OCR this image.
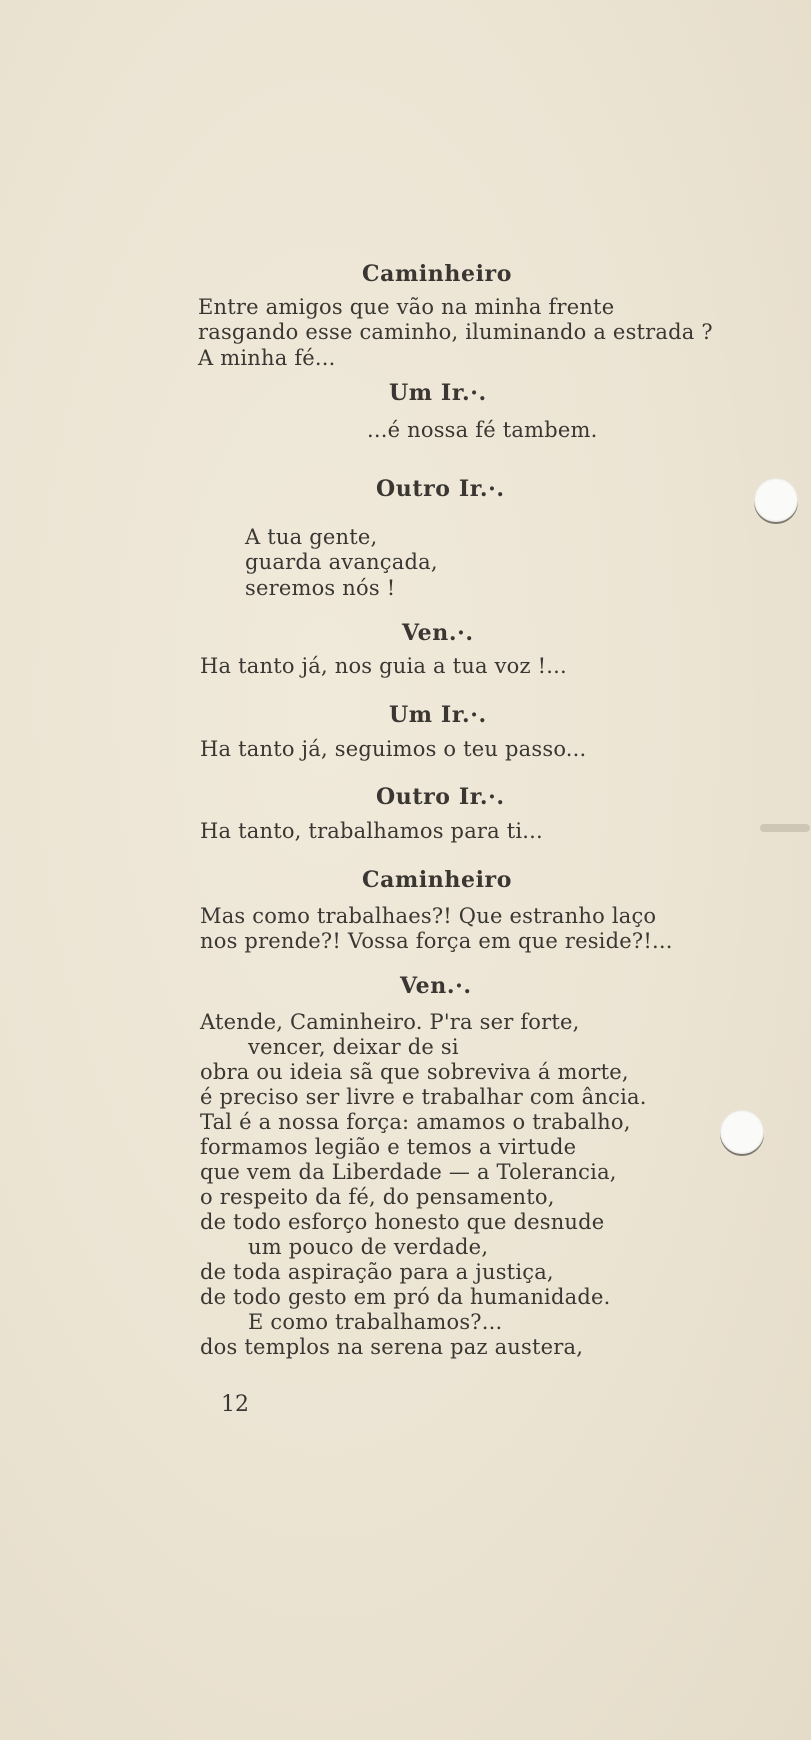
Caminheiro
Entre amigos que vão na minha frente
rasgando esse caminho, iluminando a estrada ?
A minha fé...
Um Ir.·.
...é nossa fé tambem.
Outro Ir.·.
A tua gente,
guarda avançada,
seremos nós !
Ven.·.
Ha tanto já, nos guia a tua voz !...
Um Ir.·.
Ha tanto já, seguimos o teu passo...
Outro Ir.·.
Ha tanto, trabalhamos para ti...
Caminheiro
Mas como trabalhaes?! Que estranho laço
nos prende?! Vossa força em que reside?!...
Ven.·.
Atende, Caminheiro. P'ra ser forte,
vencer, deixar de si
obra ou ideia sã que sobreviva á morte,
é preciso ser livre e trabalhar com ância.
Tal é a nossa força: amamos o trabalho,
formamos legião e temos a virtude
que vem da Liberdade — a Tolerancia,
o respeito da fé, do pensamento,
de todo esforço honesto que desnude
um pouco de verdade,
de toda aspiração para a justiça,
de todo gesto em pró da humanidade.
E como trabalhamos?...
dos templos na serena paz austera,
12
